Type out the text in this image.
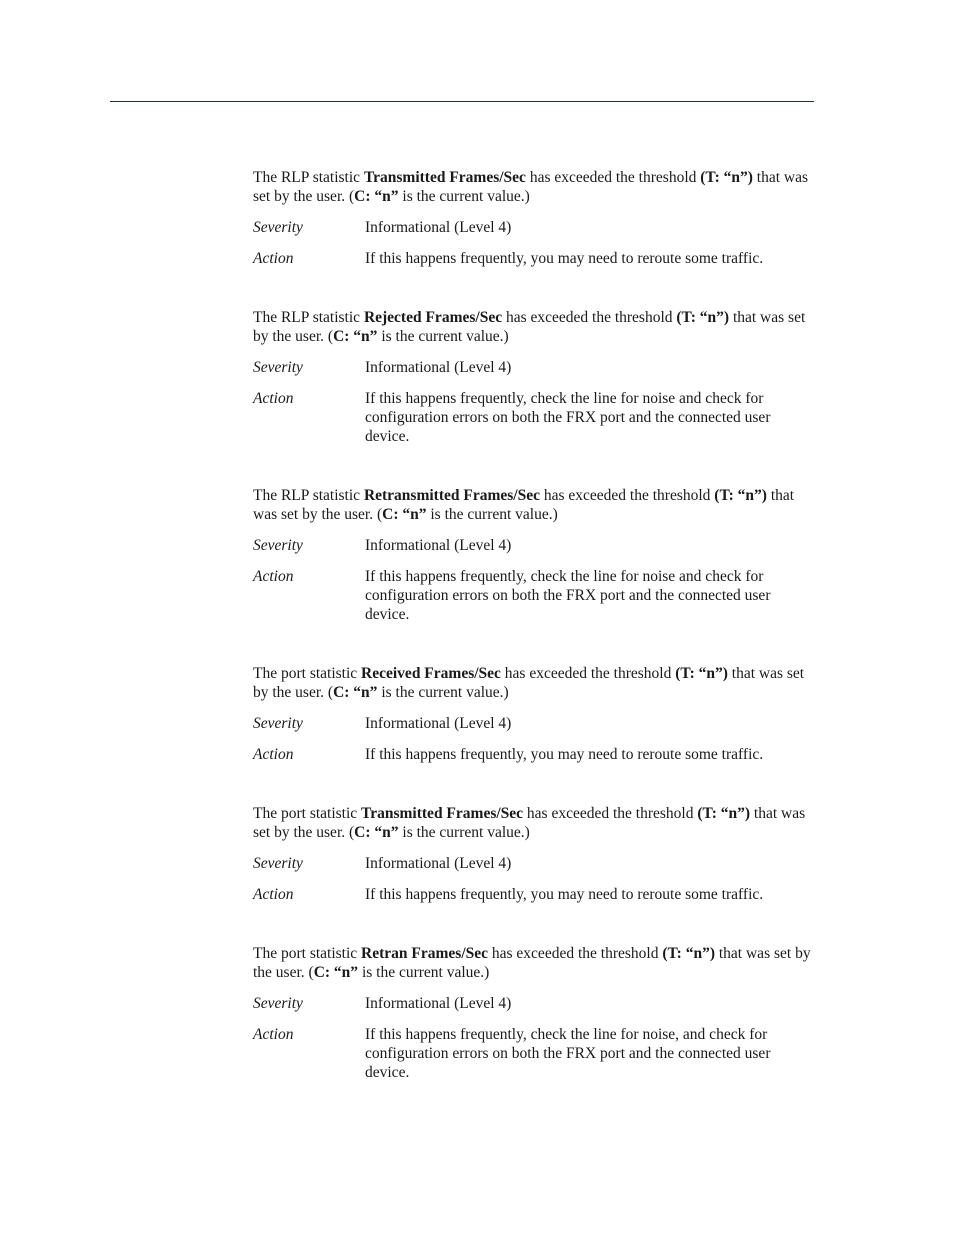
The RLP statistic Transmitted Frames/Sec has exceeded the threshold (T: “n”) that was set by the user. (C: “n” is the current value.)

Severity	Informational (Level 4)
Action	If this happens frequently, you may need to reroute some traffic.

The RLP statistic Rejected Frames/Sec has exceeded the threshold (T: “n”) that was set by the user. (C: “n” is the current value.)

Severity	Informational (Level 4)
Action	If this happens frequently, check the line for noise and check for configuration errors on both the FRX port and the connected user device.

The RLP statistic Retransmitted Frames/Sec has exceeded the threshold (T: “n”) that was set by the user. (C: “n” is the current value.)

Severity	Informational (Level 4)
Action	If this happens frequently, check the line for noise and check for configuration errors on both the FRX port and the connected user device.

The port statistic Received Frames/Sec has exceeded the threshold (T: “n”) that was set by the user. (C: “n” is the current value.)

Severity	Informational (Level 4)
Action	If this happens frequently, you may need to reroute some traffic.

The port statistic Transmitted Frames/Sec has exceeded the threshold (T: “n”) that was set by the user. (C: “n” is the current value.)

Severity	Informational (Level 4)
Action	If this happens frequently, you may need to reroute some traffic.

The port statistic Retran Frames/Sec has exceeded the threshold (T: “n”) that was set by the user. (C: “n” is the current value.)

Severity	Informational (Level 4)
Action	If this happens frequently, check the line for noise, and check for configuration errors on both the FRX port and the connected user device.
